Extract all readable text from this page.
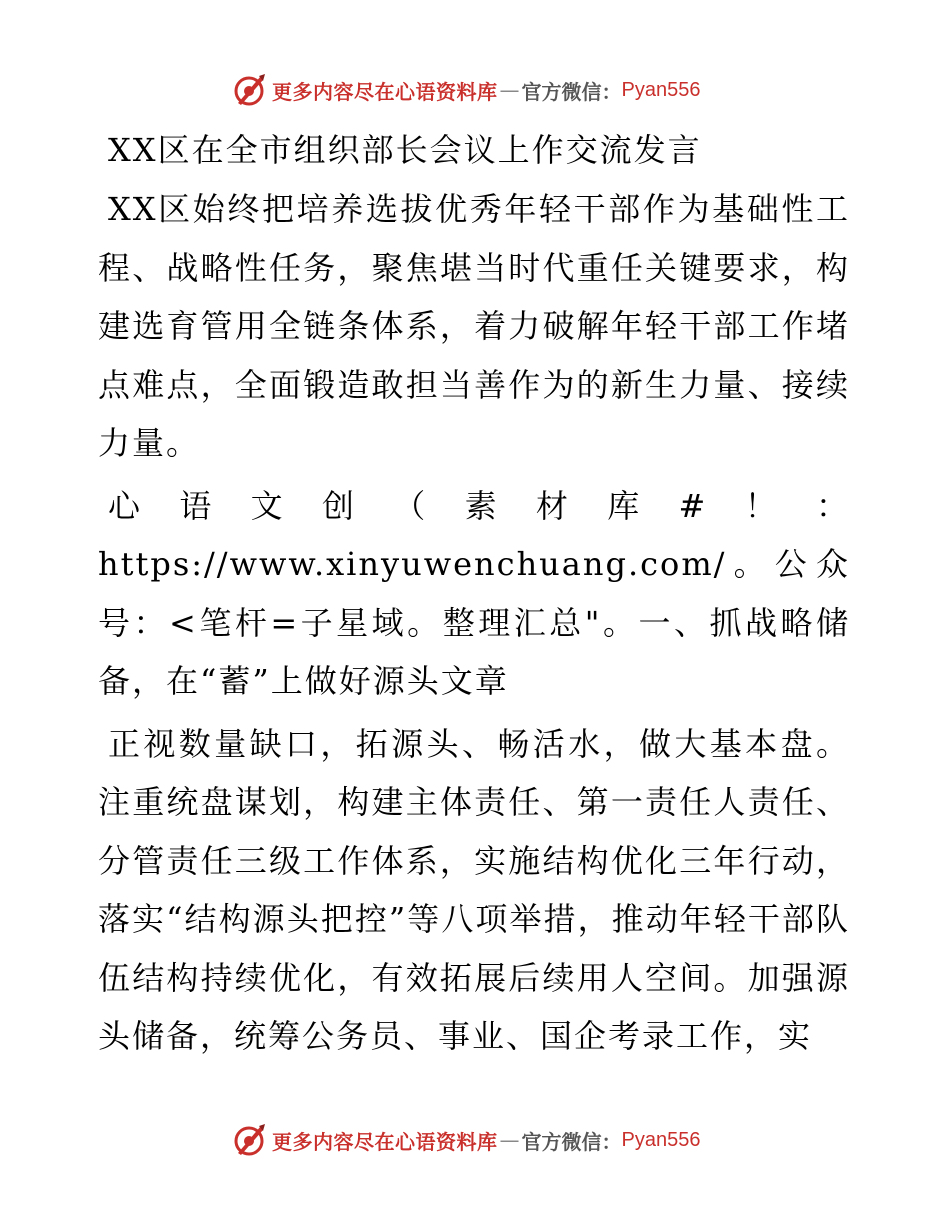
更多内容尽在心语资料库 — 官方微信： Pyan556
XX区在全市组织部长会议上作交流发言
XX区始终把培养选拔优秀年轻干部作为基础性工程、战略性任务，聚焦堪当时代重任关键要求，构建选育管用全链条体系，着力破解年轻干部工作堵点难点，全面锻造敢担当善作为的新生力量、接续力量。
心语文创（素材库#！：https://www.xinyuwenchuang.com/。公众号：<笔杆=子星域。整理汇总"。一、抓战略储备，在“蓄”上做好源头文章
正视数量缺口，拓源头、畅活水，做大基本盘。注重统盘谋划，构建主体责任、第一责任人责任、分管责任三级工作体系，实施结构优化三年行动，落实“结构源头把控”等八项举措，推动年轻干部队伍结构持续优化，有效拓展后续用人空间。加强源头储备，统筹公务员、事业、国企考录工作，实
更多内容尽在心语资料库 — 官方微信： Pyan556
